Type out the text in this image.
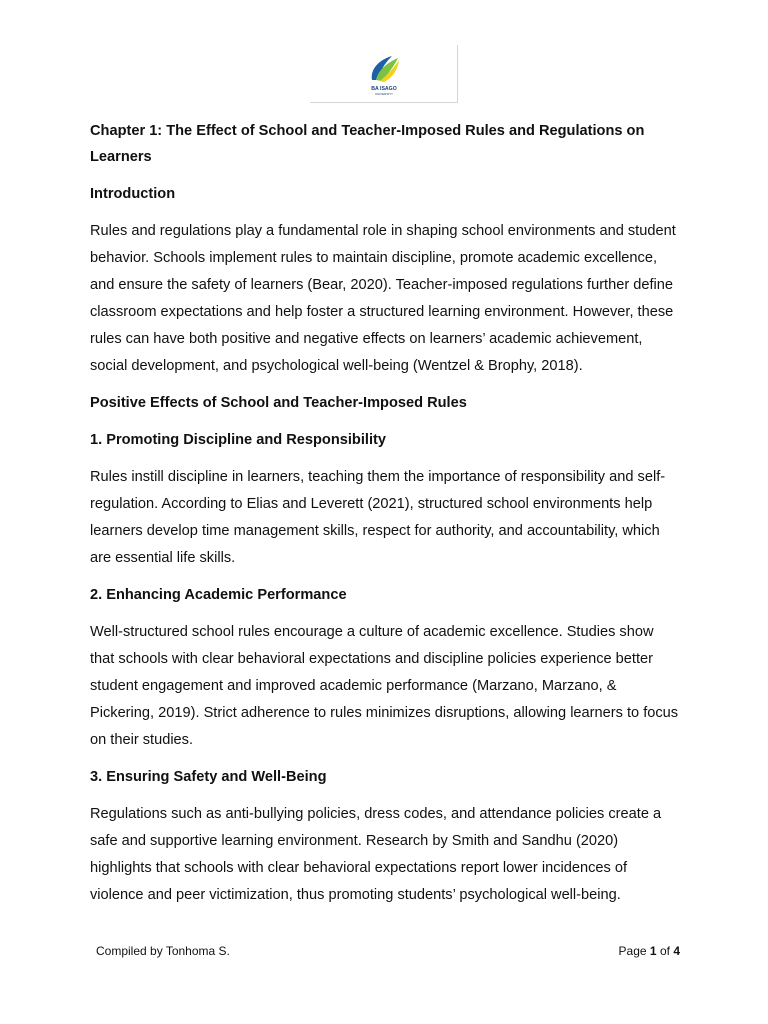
BA ISAGO
UNIVERSITY
Chapter 1: The Effect of School and Teacher-Imposed Rules and Regulations on Learners
Introduction
Rules and regulations play a fundamental role in shaping school environments and student behavior. Schools implement rules to maintain discipline, promote academic excellence, and ensure the safety of learners (Bear, 2020). Teacher-imposed regulations further define classroom expectations and help foster a structured learning environment. However, these rules can have both positive and negative effects on learners’ academic achievement, social development, and psychological well-being (Wentzel & Brophy, 2018).
Positive Effects of School and Teacher-Imposed Rules
1. Promoting Discipline and Responsibility
Rules instill discipline in learners, teaching them the importance of responsibility and self-regulation. According to Elias and Leverett (2021), structured school environments help learners develop time management skills, respect for authority, and accountability, which are essential life skills.
2. Enhancing Academic Performance
Well-structured school rules encourage a culture of academic excellence. Studies show that schools with clear behavioral expectations and discipline policies experience better student engagement and improved academic performance (Marzano, Marzano, & Pickering, 2019). Strict adherence to rules minimizes disruptions, allowing learners to focus on their studies.
3. Ensuring Safety and Well-Being
Regulations such as anti-bullying policies, dress codes, and attendance policies create a safe and supportive learning environment. Research by Smith and Sandhu (2020) highlights that schools with clear behavioral expectations report lower incidences of violence and peer victimization, thus promoting students’ psychological well-being.
Compiled by Tonhoma S.	Page 1 of 4
